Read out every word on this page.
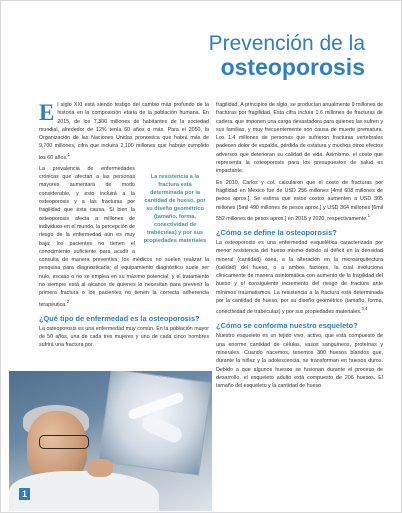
Prevención de la
osteoporosis

El siglo XXI está siendo testigo del cambio más profundo de la historia en la composición etaria de la población humana. En 2015, de los 7,300 millones de habitantes de la sociedad mundial, alrededor de 12% tenía 60 años o más. Para el 2050, la Organización de las Naciones Unidas pronostica que habrá más de 9,700 millones, cifra que incluirá 2,100 millones que habrán cumplido los 60 años.$^1$

La resistencia a la fractura está determinada por la cantidad de hueso, por su diseño geométrico (tamaño, forma, conectividad de trabéculas) y por sus propiedades materiales
La prevalencia de enfermedades crónicas que afectan a las personas mayores aumentará de modo considerable, y esto incluirá a la osteoporosis y a las fracturas por fragilidad que ésta causa. Si bien la osteoporosis afecta a millones de individuos en el mundo, la percepción de riesgo de la enfermedad aún es muy baja; los pacientes no tienen el conocimiento suficiente para acudir a consulta de manera preventiva; los médicos no suelen realizar la pesquisa para diagnosticarla; el equipamiento diagnóstico suele ser nulo, escaso o no se emplea en su máximo potencial; y el tratamiento no siempre está al alcance de quienes lo necesitan para prevenir la primera fractura o los pacientes no tienen la correcta adherencia terapéutica.$^2$

¿Qué tipo de enfermedad es la osteoporosis?

La osteoporosis es una enfermedad muy común. En la población mayor de 50 años, una de cada tres mujeres y uno de cada cinco hombres sufrirá una fractura por

fragilidad. A principios de siglo, se producían anualmente 9 millones de fracturas por fragilidad. Esta cifra incluía 1.6 millones de fracturas de cadera, que imponen una carga devastadora para quienes las sufren y sus familias, y muy frecuentemente son causa de muerte prematura. Los 1.4 millones de personas que sufrieron fracturas vertebrales padecen dolor de espalda, pérdida de estatura y muchos otros efectos adversos que deterioran su calidad de vida. Asimismo, el costo que representa la osteoporosis para los presupuestos de salud es impactante.

En 2010, Carlos y col. calcularon que el costo de fracturas por fragilidad en México fue de USD 256 millones [4mil 608 millones de pesos aprox.]. Se estima que estos costos aumenten a USD 305 millones [5mil 490 millones de pesos aprox.] y USD 364 millones [6mil 552 millones de pesos aprox.] en 2015 y 2020, respectivamente.$^1$

¿Cómo se define la osteoporosis?

La osteoporosis es una enfermedad esquelética caracterizada por menor resistencia del hueso mismo debido al déficit en la densidad mineral (cantidad) ósea, a la alteración en la microarquitectura (calidad) del hueso, o a ambos factores, la cual evoluciona clínicamente de manera asintomática con aumento de la fragilidad del hueso y el consiguiente incremento del riesgo de fractura ante mínimos traumatismos. La resistencia a la fractura está determinada por la cantidad de hueso, por su diseño geométrico (tamaño, forma, conectividad de trabéculas) y por sus propiedades materiales.$^{3,4}$

¿Cómo se conforma nuestro esqueleto?

Nuestro esqueleto es un tejido vivo, activo, que está compuesto de una enorme cantidad de células, vasos sanguíneos, proteínas y minerales. Cuando nacemos, tenemos 300 huesos blandos que, durante la niñez y la adolescencia, se transforman en huesos duros. Debido a que algunos huesos se fusionan durante el proceso de desarrollo, el esqueleto adulto está compuesto de 206 huesos. El tamaño del esqueleto y la cantidad de hueso

1
